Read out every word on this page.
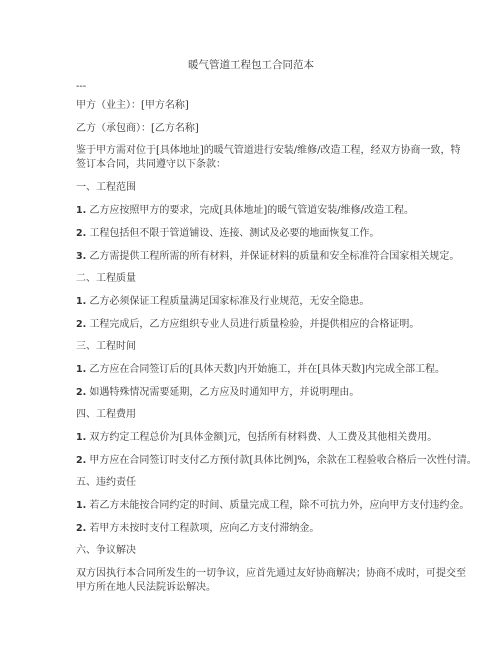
暖气管道工程包工合同范本
---
甲方（业主）：[甲方名称]
乙方（承包商）：[乙方名称]
鉴于甲方需对位于[具体地址]的暖气管道进行安装/维修/改造工程，经双方协商一致，特
签订本合同，共同遵守以下条款：
一、工程范围
1. 乙方应按照甲方的要求，完成[具体地址]的暖气管道安装/维修/改造工程。
2. 工程包括但不限于管道铺设、连接、测试及必要的地面恢复工作。
3. 乙方需提供工程所需的所有材料，并保证材料的质量和安全标准符合国家相关规定。
二、工程质量
1. 乙方必须保证工程质量满足国家标准及行业规范，无安全隐患。
2. 工程完成后，乙方应组织专业人员进行质量检验，并提供相应的合格证明。
三、工程时间
1. 乙方应在合同签订后的[具体天数]内开始施工，并在[具体天数]内完成全部工程。
2. 如遇特殊情况需要延期，乙方应及时通知甲方，并说明理由。
四、工程费用
1. 双方约定工程总价为[具体金额]元，包括所有材料费、人工费及其他相关费用。
2. 甲方应在合同签订时支付乙方预付款[具体比例]%，余款在工程验收合格后一次性付清。
五、违约责任
1. 若乙方未能按合同约定的时间、质量完成工程，除不可抗力外，应向甲方支付违约金。
2. 若甲方未按时支付工程款项，应向乙方支付滞纳金。
六、争议解决
双方因执行本合同所发生的一切争议，应首先通过友好协商解决；协商不成时，可提交至
甲方所在地人民法院诉讼解决。
